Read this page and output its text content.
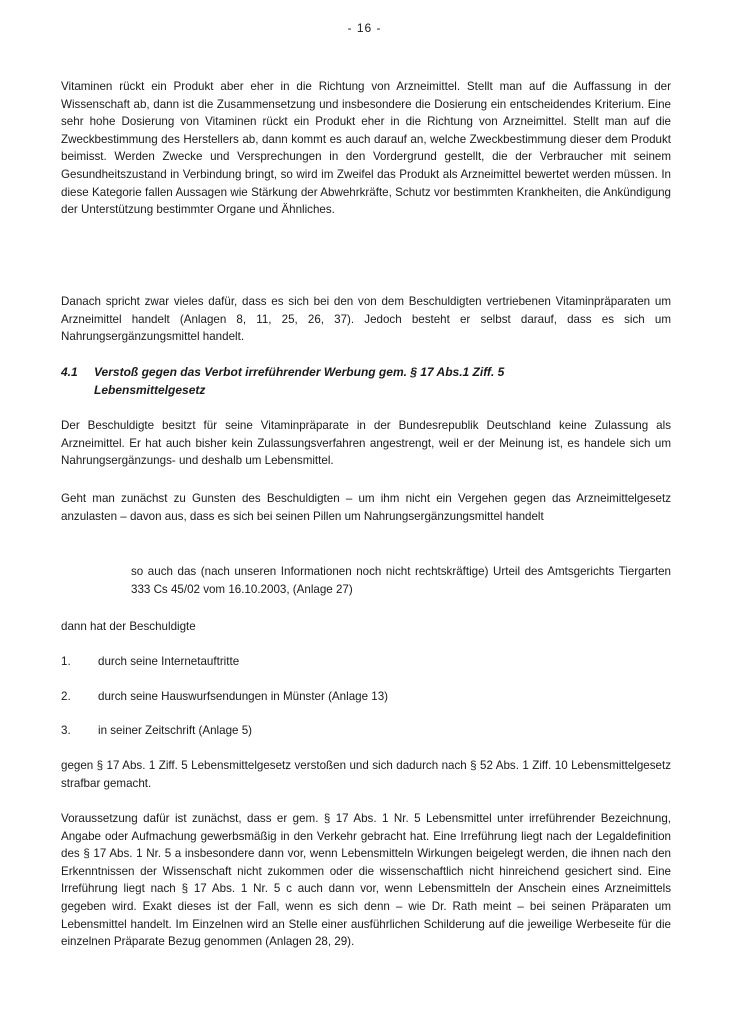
- 16 -
Vitaminen rückt ein Produkt aber eher in die Richtung von Arzneimittel. Stellt man auf die Auffassung in der Wissenschaft ab, dann ist die Zusammensetzung und insbesondere die Dosierung ein entscheidendes Kriterium. Eine sehr hohe Dosierung von Vitaminen rückt ein Produkt eher in die Richtung von Arzneimittel. Stellt man auf die Zweckbestimmung des Herstellers ab, dann kommt es auch darauf an, welche Zweckbestimmung dieser dem Produkt beimisst. Werden Zwecke und Versprechungen in den Vordergrund gestellt, die der Verbraucher mit seinem Gesundheitszustand in Verbindung bringt, so wird im Zweifel das Produkt als Arzneimittel bewertet werden müssen. In diese Kategorie fallen Aussagen wie Stärkung der Abwehrkräfte, Schutz vor bestimmten Krankheiten, die Ankündigung der Unterstützung bestimmter Organe und Ähnliches.
Danach spricht zwar vieles dafür, dass es sich bei den von dem Beschuldigten vertriebenen Vitaminpräparaten um Arzneimittel handelt (Anlagen 8, 11, 25, 26, 37). Jedoch besteht er selbst darauf, dass es sich um Nahrungsergänzungsmittel handelt.
4.1 Verstoß gegen das Verbot irreführender Werbung gem. § 17 Abs.1 Ziff. 5
Lebensmittelgesetz
Der Beschuldigte besitzt für seine Vitaminpräparate in der Bundesrepublik Deutschland keine Zulassung als Arzneimittel. Er hat auch bisher kein Zulassungsverfahren angestrengt, weil er der Meinung ist, es handele sich um Nahrungsergänzungs- und deshalb um Lebensmittel.
Geht man zunächst zu Gunsten des Beschuldigten – um ihm nicht ein Vergehen gegen das Arzneimittelgesetz anzulasten – davon aus, dass es sich bei seinen Pillen um Nahrungsergänzungsmittel handelt
so auch das (nach unseren Informationen noch nicht rechtskräftige) Urteil des Amtsgerichts Tiergarten 333 Cs 45/02 vom 16.10.2003, (Anlage 27)
dann hat der Beschuldigte
1. durch seine Internetauftritte
2. durch seine Hauswurfsendungen in Münster (Anlage 13)
3. in seiner Zeitschrift (Anlage 5)
gegen § 17 Abs. 1 Ziff. 5 Lebensmittelgesetz verstoßen und sich dadurch nach § 52 Abs. 1 Ziff. 10 Lebensmittelgesetz strafbar gemacht.
Voraussetzung dafür ist zunächst, dass er gem. § 17 Abs. 1 Nr. 5 Lebensmittel unter irreführender Bezeichnung, Angabe oder Aufmachung gewerbsmäßig in den Verkehr gebracht hat. Eine Irreführung liegt nach der Legaldefinition des § 17 Abs. 1 Nr. 5 a insbesondere dann vor, wenn Lebensmitteln Wirkungen beigelegt werden, die ihnen nach den Erkenntnissen der Wissenschaft nicht zukommen oder die wissenschaftlich nicht hinreichend gesichert sind. Eine Irreführung liegt nach § 17 Abs. 1 Nr. 5 c auch dann vor, wenn Lebensmitteln der Anschein eines Arzneimittels gegeben wird. Exakt dieses ist der Fall, wenn es sich denn – wie Dr. Rath meint – bei seinen Präparaten um Lebensmittel handelt. Im Einzelnen wird an Stelle einer ausführlichen Schilderung auf die jeweilige Werbeseite für die einzelnen Präparate Bezug genommen (Anlagen 28, 29).
